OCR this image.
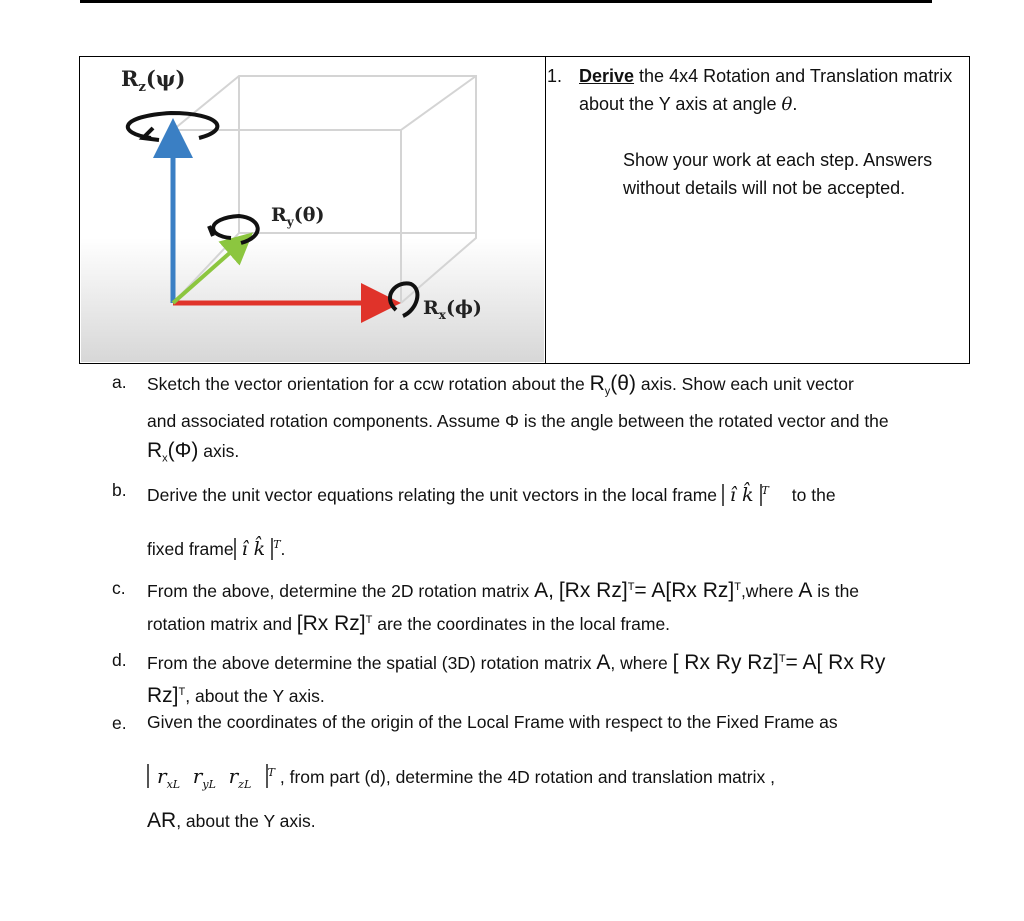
$R_z(\psi)$
$R_y(\theta)$
$R_x(\phi)$
1. Derive the 4x4 Rotation and Translation matrix about the Y axis at angle θ.
Show your work at each step. Answers without details will not be accepted.
a. Sketch the vector orientation for a ccw rotation about the $R_y(\theta)$ axis. Show each unit vector
and associated rotation components. Assume Φ is the angle between the rotated vector and the
$R_x(\Phi)$ axis.
b. Derive the unit vector equations relating the unit vectors in the local frame î k̂ $^T$ to the
fixed frame î k̂ $^T$.
c. From the above, determine the 2D rotation matrix A, [Rx Rz]$^T$= A[Rx Rz]$^T$,where A is the
rotation matrix and [Rx Rz]$^T$ are the coordinates in the local frame.
d. From the above determine the spatial (3D) rotation matrix A, where [ Rx Ry Rz]$^T$= A[ Rx Ry
Rz]$^T$, about the Y axis.
e. Given the coordinates of the origin of the Local Frame with respect to the Fixed Frame as
$r_{xL}$ $r_{yL}$ $r_{zL}$ $^T$ , from part (d), determine the 4D rotation and translation matrix ,
AR, about the Y axis.
